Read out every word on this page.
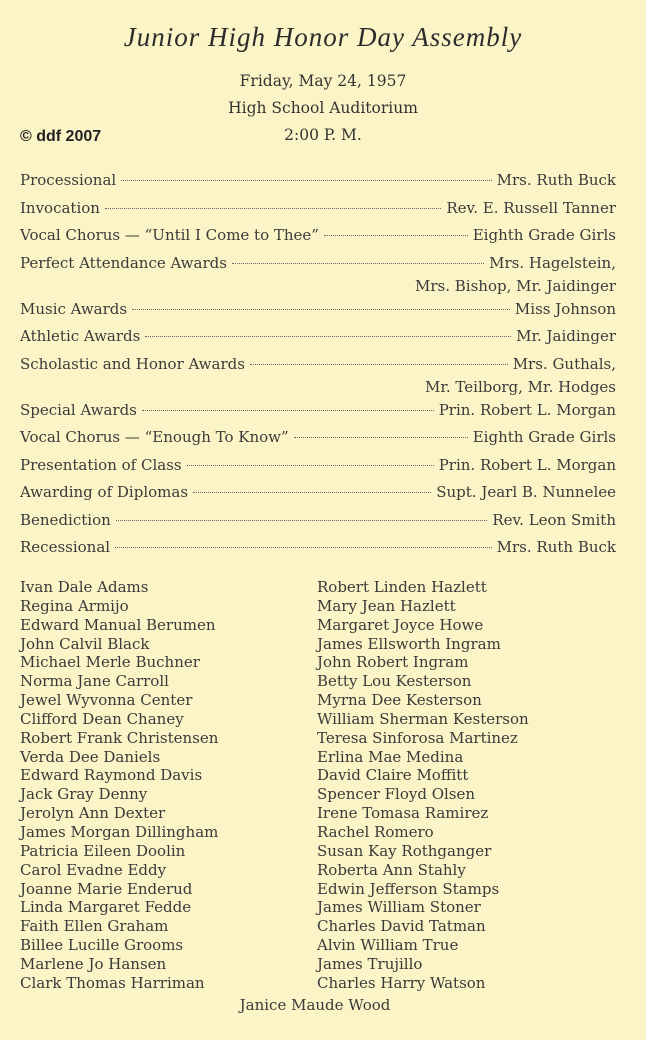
Junior High Honor Day Assembly
Friday, May 24, 1957
High School Auditorium
2:00 P. M.
© ddf 2007
Processional	Mrs. Ruth Buck
Invocation	Rev. E. Russell Tanner
Vocal Chorus — “Until I Come to Thee”	Eighth Grade Girls
Perfect Attendance Awards	Mrs. Hagelstein,
Mrs. Bishop, Mr. Jaidinger
Music Awards	Miss Johnson
Athletic Awards	Mr. Jaidinger
Scholastic and Honor Awards	Mrs. Guthals,
Mr. Teilborg, Mr. Hodges
Special Awards	Prin. Robert L. Morgan
Vocal Chorus — “Enough To Know”	Eighth Grade Girls
Presentation of Class	Prin. Robert L. Morgan
Awarding of Diplomas	Supt. Jearl B. Nunnelee
Benediction	Rev. Leon Smith
Recessional	Mrs. Ruth Buck
Ivan Dale Adams
Regina Armijo
Edward Manual Berumen
John Calvil Black
Michael Merle Buchner
Norma Jane Carroll
Jewel Wyvonna Center
Clifford Dean Chaney
Robert Frank Christensen
Verda Dee Daniels
Edward Raymond Davis
Jack Gray Denny
Jerolyn Ann Dexter
James Morgan Dillingham
Patricia Eileen Doolin
Carol Evadne Eddy
Joanne Marie Enderud
Linda Margaret Fedde
Faith Ellen Graham
Billee Lucille Grooms
Marlene Jo Hansen
Clark Thomas Harriman
Robert Linden Hazlett
Mary Jean Hazlett
Margaret Joyce Howe
James Ellsworth Ingram
John Robert Ingram
Betty Lou Kesterson
Myrna Dee Kesterson
William Sherman Kesterson
Teresa Sinforosa Martinez
Erlina Mae Medina
David Claire Moffitt
Spencer Floyd Olsen
Irene Tomasa Ramirez
Rachel Romero
Susan Kay Rothganger
Roberta Ann Stahly
Edwin Jefferson Stamps
James William Stoner
Charles David Tatman
Alvin William True
James Trujillo
Charles Harry Watson
Janice Maude Wood
